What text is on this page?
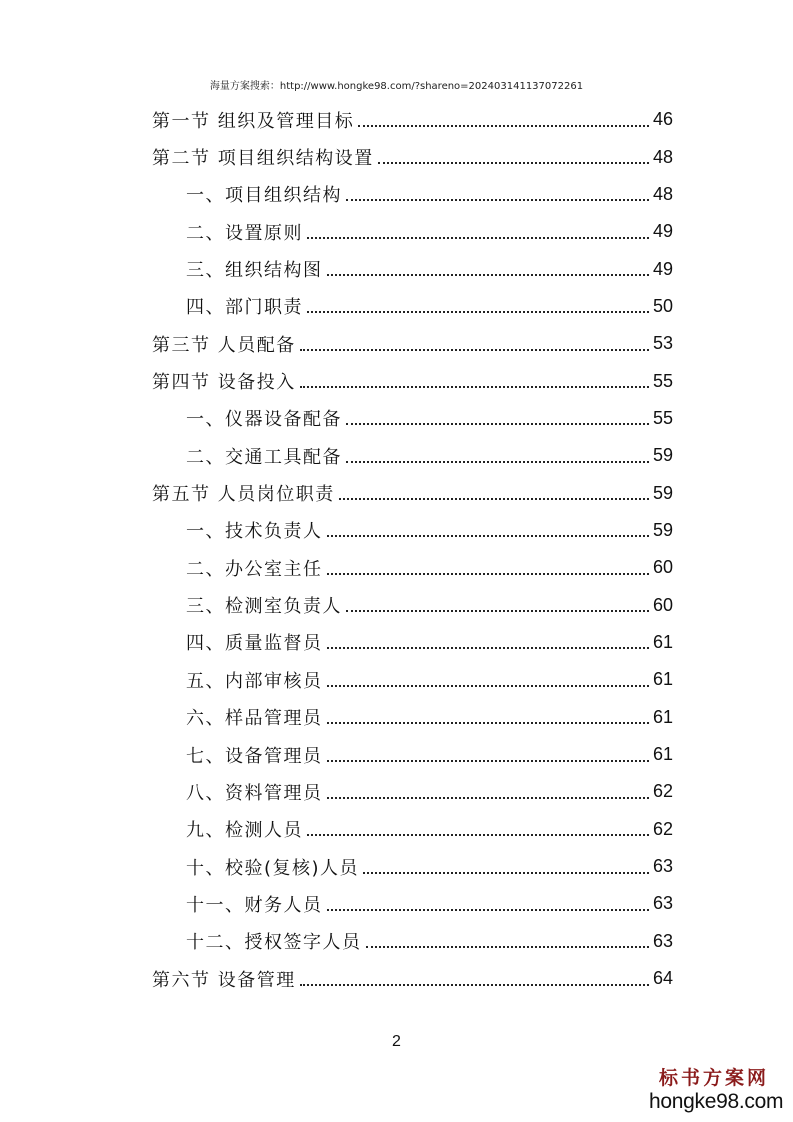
海量方案搜索：http://www.hongke98.com/?shareno=20240314113707226​1
第一节 组织及管理目标	46
第二节 项目组织结构设置	48
一、项目组织结构	48
二、设置原则	49
三、组织结构图	49
四、部门职责	50
第三节 人员配备	53
第四节 设备投入	55
一、仪器设备配备	55
二、交通工具配备	59
第五节 人员岗位职责	59
一、技术负责人	59
二、办公室主任	60
三、检测室负责人	60
四、质量监督员	61
五、内部审核员	61
六、样品管理员	61
七、设备管理员	61
八、资料管理员	62
九、检测人员	62
十、校验(复核)人员	63
十一、财务人员	63
十二、授权签字人员	63
第六节 设备管理	64
2
标书方案网
hongke98.com
